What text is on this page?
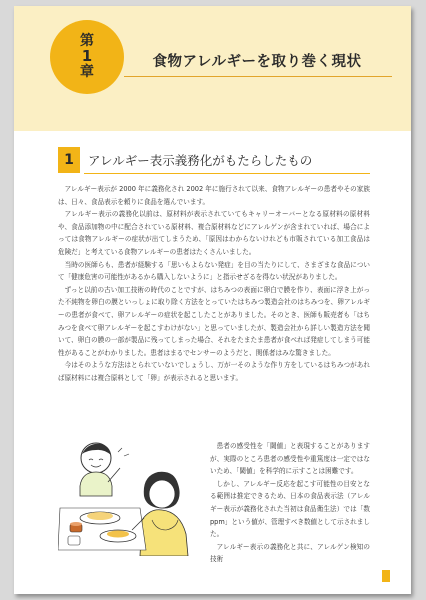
第
1
章
食物アレルギーを取り巻く現状
1	アレルギー表示義務化がもたらしたもの

アレルギー表示が 2000 年に義務化され 2002 年に施行されて以来、食物アレルギーの患者やその家族は、日々、食品表示を頼りに食品を選んでいます。

アレルギー表示の義務化以前は、原材料が表示されていてもキャリーオーバーとなる原材料の原材料や、食品添加物の中に配合されている原材料、複合原材料などにアレルゲンが含まれていれば、場合によっては食物アレルギーの症状が出てしまうため、「原因はわからないけれども市販されている加工食品は危険だ」と考えている食物アレルギーの患者はたくさんいました。

当時の医師らも、患者が経験する「思いもよらない発症」を目の当たりにして、さまざまな食品について「健康危害の可能性があるから購入しないように」と指示せざるを得ない状況がありました。

ずっと以前の古い加工技術の時代のことですが、はちみつの表面に卵白で膜を作り、表面に浮き上がった不純物を卵白の膜といっしょに取り除く方法をとっていたはちみつ製造会社のはちみつを、卵アレルギーの患者が食べて、卵アレルギーの症状を起こしたことがありました。そのとき、医師も販売者も「はちみつを食べて卵アレルギーを起こすわけがない」と思っていましたが、製造会社から詳しい製造方法を聞いて、卵白の膜の一部が製品に残ってしまった場合、それをたまたま患者が食べれば発症してしまう可能性があることがわかりました。患者はまるでセンサーのようだと、関係者はみな驚きました。

今はそのような方法はとられていないでしょうし、万が一そのような作り方をしているはちみつがあれば原材料には複合原料として「卵」が表示されると思います。

患者の感受性を「閾値」と表現することがありますが、実際のところ患者の感受性や重篤度は一定ではないため、「閾値」を科学的に示すことは困難です。

しかし、アレルギー反応を起こす可能性の目安となる範囲は推定できるため、日本の食品表示法（アレルギー表示が義務化された当初は食品衛生法）では「数 ppm」という値が、管理すべき数値として示されました。

アレルギー表示の義務化と共に、アレルゲン検知の技術
